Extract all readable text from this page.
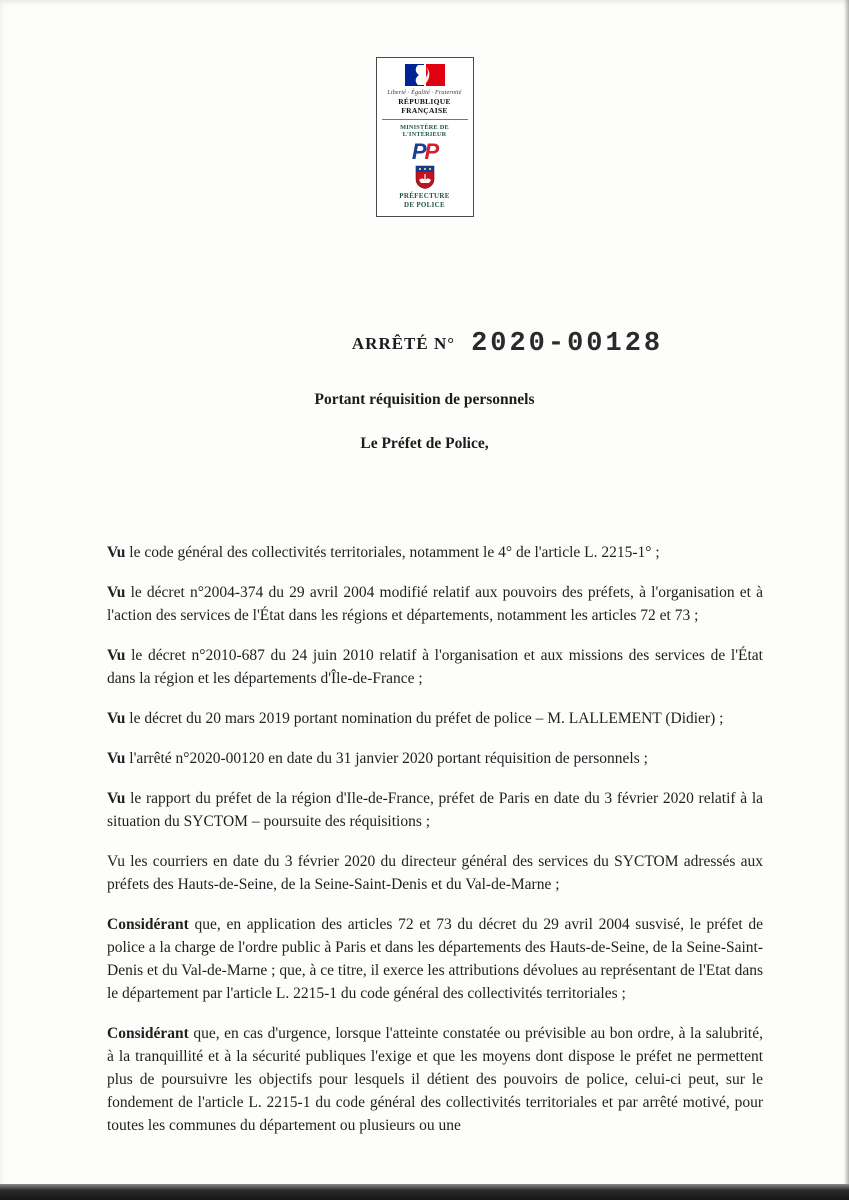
Liberté · Égalité · Fraternité
RÉPUBLIQUE FRANÇAISE
MINISTÈRE DE L'INTÉRIEUR
PP
PRÉFECTURE
DE POLICE
ARRÊTÉ N° 2020-00128
Portant réquisition de personnels
Le Préfet de Police,

Vu le code général des collectivités territoriales, notamment le 4° de l'article L. 2215-1° ;

Vu le décret n°2004-374 du 29 avril 2004 modifié relatif aux pouvoirs des préfets, à l'organisation et à l'action des services de l'État dans les régions et départements, notamment les articles 72 et 73 ;

Vu le décret n°2010-687 du 24 juin 2010 relatif à l'organisation et aux missions des services de l'État dans la région et les départements d'Île-de-France ;

Vu le décret du 20 mars 2019 portant nomination du préfet de police – M. LALLEMENT (Didier) ;

Vu l'arrêté n°2020-00120 en date du 31 janvier 2020 portant réquisition de personnels ;

Vu le rapport du préfet de la région d'Ile-de-France, préfet de Paris en date du 3 février 2020 relatif à la situation du SYCTOM – poursuite des réquisitions ;

Vu les courriers en date du 3 février 2020 du directeur général des services du SYCTOM adressés aux préfets des Hauts-de-Seine, de la Seine-Saint-Denis et du Val-de-Marne ;

Considérant que, en application des articles 72 et 73 du décret du 29 avril 2004 susvisé, le préfet de police a la charge de l'ordre public à Paris et dans les départements des Hauts-de-Seine, de la Seine-Saint-Denis et du Val-de-Marne ; que, à ce titre, il exerce les attributions dévolues au représentant de l'Etat dans le département par l'article L. 2215-1 du code général des collectivités territoriales ;

Considérant que, en cas d'urgence, lorsque l'atteinte constatée ou prévisible au bon ordre, à la salubrité, à la tranquillité et à la sécurité publiques l'exige et que les moyens dont dispose le préfet ne permettent plus de poursuivre les objectifs pour lesquels il détient des pouvoirs de police, celui-ci peut, sur le fondement de l'article L. 2215-1 du code général des collectivités territoriales et par arrêté motivé, pour toutes les communes du département ou plusieurs ou une
